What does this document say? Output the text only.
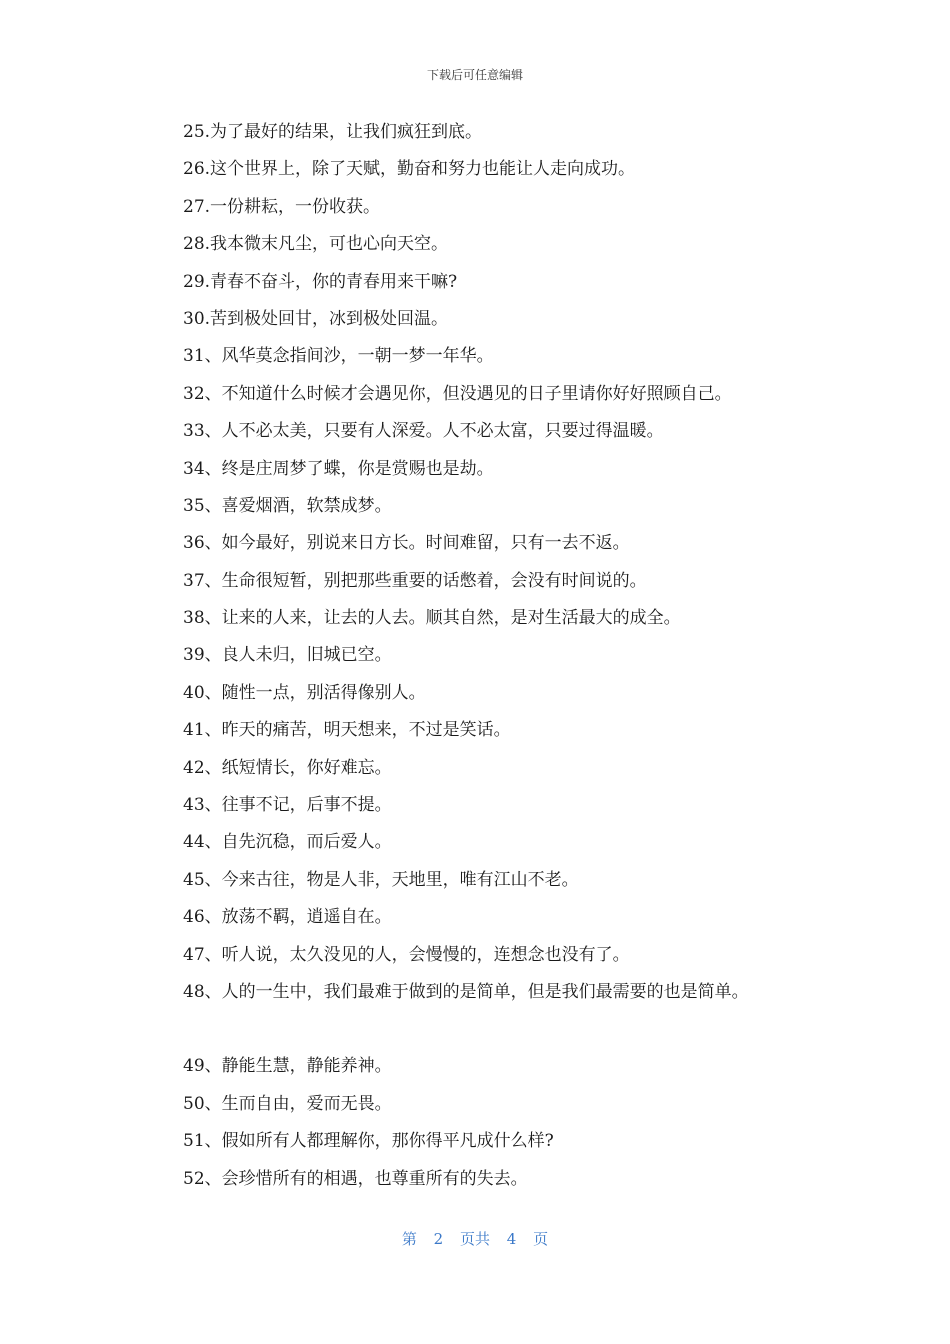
下载后可任意编辑
25.为了最好的结果，让我们疯狂到底。
26.这个世界上，除了天赋，勤奋和努力也能让人走向成功。
27.一份耕耘，一份收获。
28.我本微末凡尘，可也心向天空。
29.青春不奋斗，你的青春用来干嘛?
30.苦到极处回甘，冰到极处回温。
31、风华莫念指间沙，一朝一梦一年华。
32、不知道什么时候才会遇见你，但没遇见的日子里请你好好照顾自己。
33、人不必太美，只要有人深爱。人不必太富，只要过得温暖。
34、终是庄周梦了蝶，你是赏赐也是劫。
35、喜爱烟酒，软禁成梦。
36、如今最好，别说来日方长。时间难留，只有一去不返。
37、生命很短暂，别把那些重要的话憋着，会没有时间说的。
38、让来的人来，让去的人去。顺其自然，是对生活最大的成全。
39、良人未归，旧城已空。
40、随性一点，别活得像别人。
41、昨天的痛苦，明天想来，不过是笑话。
42、纸短情长，你好难忘。
43、往事不记，后事不提。
44、自先沉稳，而后爱人。
45、今来古往，物是人非，天地里，唯有江山不老。
46、放荡不羁，逍遥自在。
47、听人说，太久没见的人，会慢慢的，连想念也没有了。
48、人的一生中，我们最难于做到的是简单，但是我们最需要的也是简单。
49、静能生慧，静能养神。
50、生而自由，爱而无畏。
51、假如所有人都理解你，那你得平凡成什么样?
52、会珍惜所有的相遇，也尊重所有的失去。
第 2 页共 4 页
